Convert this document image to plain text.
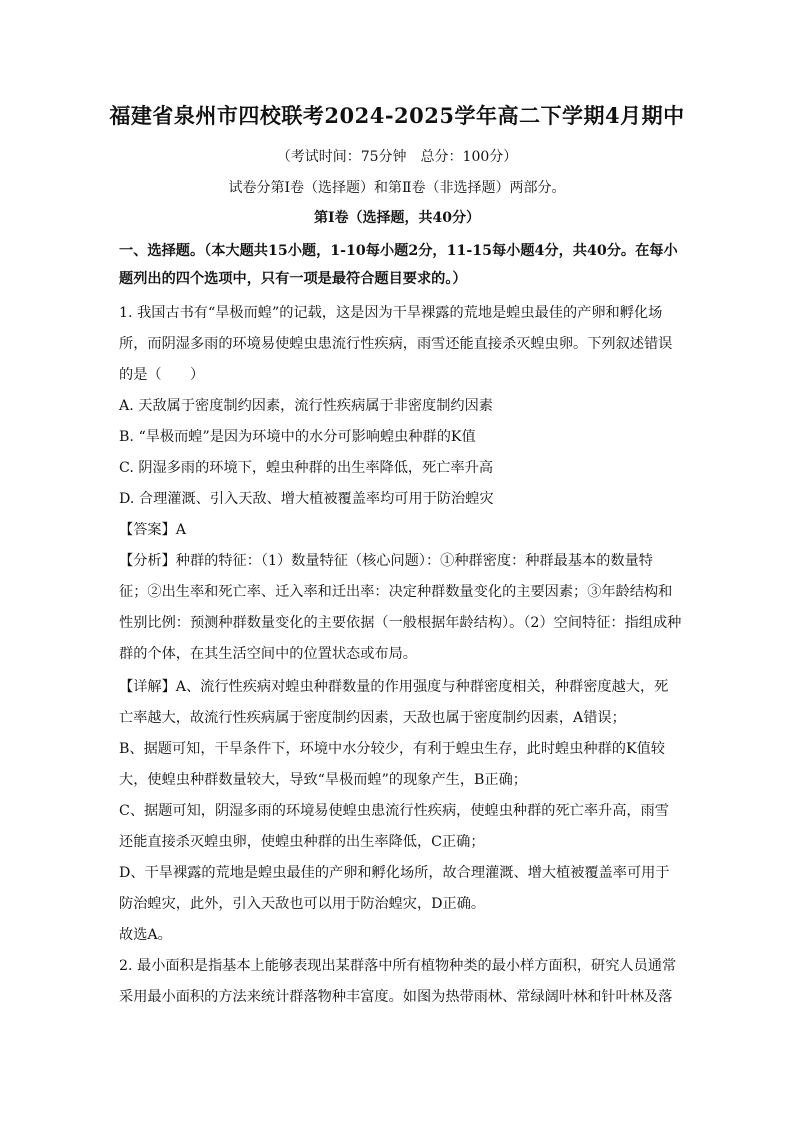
福建省泉州市四校联考2024-2025学年高二下学期4月期中
（考试时间：75分钟　总分：100分）
试卷分第Ⅰ卷（选择题）和第Ⅱ卷（非选择题）两部分。
第Ⅰ卷（选择题，共40分）
一、选择题。（本大题共15小题，1-10每小题2分，11-15每小题4分，共40分。在每小
题列出的四个选项中，只有一项是最符合题目要求的。）
1. 我国古书有“旱极而蝗”的记载，这是因为干旱裸露的荒地是蝗虫最佳的产卵和孵化场
所，而阴湿多雨的环境易使蝗虫患流行性疾病，雨雪还能直接杀灭蝗虫卵。下列叙述错误
的是（　　）
A. 天敌属于密度制约因素，流行性疾病属于非密度制约因素
B. “旱极而蝗”是因为环境中的水分可影响蝗虫种群的K值
C. 阴湿多雨的环境下，蝗虫种群的出生率降低，死亡率升高
D. 合理灌溉、引入天敌、增大植被覆盖率均可用于防治蝗灾
【答案】A
【分析】种群的特征：（1）数量特征（核心问题）：①种群密度：种群最基本的数量特
征；②出生率和死亡率、迁入率和迁出率：决定种群数量变化的主要因素；③年龄结构和
性别比例：预测种群数量变化的主要依据（一般根据年龄结构）。（2）空间特征：指组成种
群的个体，在其生活空间中的位置状态或布局。
【详解】A、流行性疾病对蝗虫种群数量的作用强度与种群密度相关，种群密度越大，死
亡率越大，故流行性疾病属于密度制约因素，天敌也属于密度制约因素，A错误；
B、据题可知，干旱条件下，环境中水分较少，有利于蝗虫生存，此时蝗虫种群的K值较
大，使蝗虫种群数量较大，导致“旱极而蝗”的现象产生，B正确；
C、据题可知，阴湿多雨的环境易使蝗虫患流行性疾病，使蝗虫种群的死亡率升高，雨雪
还能直接杀灭蝗虫卵，使蝗虫种群的出生率降低，C正确；
D、干旱裸露的荒地是蝗虫最佳的产卵和孵化场所，故合理灌溉、增大植被覆盖率可用于
防治蝗灾，此外，引入天敌也可以用于防治蝗灾，D正确。
故选A。
2. 最小面积是指基本上能够表现出某群落中所有植物种类的最小样方面积，研究人员通常
采用最小面积的方法来统计群落物种丰富度。如图为热带雨林、常绿阔叶林和针叶林及落
